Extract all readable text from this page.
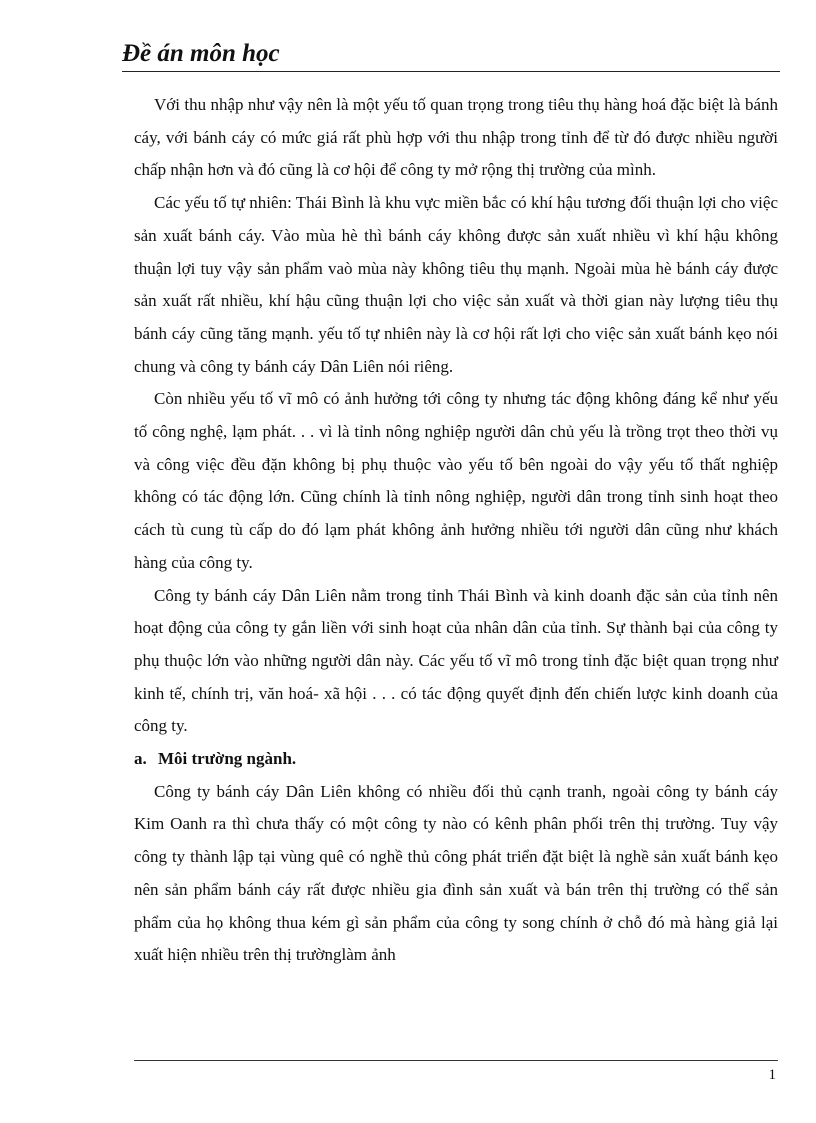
Đề án môn học

Với thu nhập như vậy nên là một yếu tố quan trọng trong tiêu thụ hàng hoá đặc biệt là bánh cáy, với bánh cáy có mức giá rất phù hợp với thu nhập trong tỉnh để từ đó được nhiều người chấp nhận hơn và đó cũng là cơ hội để công ty mở rộng thị trường của mình.

Các yếu tố tự nhiên: Thái Bình là khu vực miền bắc có khí hậu tương đối thuận lợi cho việc sản xuất bánh cáy. Vào mùa hè thì bánh cáy không được sản xuất nhiều vì khí hậu không thuận lợi tuy vậy sản phẩm vaò mùa này không tiêu thụ mạnh. Ngoài mùa hè bánh cáy được sản xuất rất nhiều, khí hậu cũng thuận lợi cho việc sản xuất và thời gian này lượng tiêu thụ bánh cáy cũng tăng mạnh. yếu tố tự nhiên này là cơ hội rất lợi cho việc sản xuất bánh kẹo nói chung và công ty bánh cáy Dân Liên nói riêng.

Còn nhiều yếu tố vĩ mô có ảnh hưởng tới công ty nhưng tác động không đáng kể như yếu tố công nghệ, lạm phát. . . vì là tỉnh nông nghiệp người dân chủ yếu là trồng trọt theo thời vụ và công việc đều đặn không bị phụ thuộc vào yếu tố bên ngoài do vậy yếu tố thất nghiệp không có tác động lớn. Cũng chính là tỉnh nông nghiệp, người dân trong tỉnh sinh hoạt theo cách tù cung tù cấp do đó lạm phát không ảnh hưởng nhiều tới người dân cũng như khách hàng của công ty.

Công ty bánh cáy Dân Liên nằm trong tỉnh Thái Bình và kinh doanh đặc sản của tỉnh nên hoạt động của công ty gắn liền với sinh hoạt của nhân dân của tỉnh. Sự thành bại của công ty phụ thuộc lớn vào những người dân này. Các yếu tố vĩ mô trong tỉnh đặc biệt quan trọng như kinh tế, chính trị, văn hoá- xã hội . . . có tác động quyết định đến chiến lược kinh doanh của công ty.

a. Môi trường ngành.

Công ty bánh cáy Dân Liên không có nhiều đối thủ cạnh tranh, ngoài công ty bánh cáy Kim Oanh ra thì chưa thấy có một công ty nào có kênh phân phối trên thị trường. Tuy vậy công ty thành lập tại vùng quê có nghề thủ công phát triển đặt biệt là nghề sản xuất bánh kẹo nên sản phẩm bánh cáy rất được nhiều gia đình sản xuất và bán trên thị trường có thể sản phẩm của họ không thua kém gì sản phẩm của công ty song chính ở chỗ đó mà hàng giả lại xuất hiện nhiều trên thị trườnglàm ảnh

1
